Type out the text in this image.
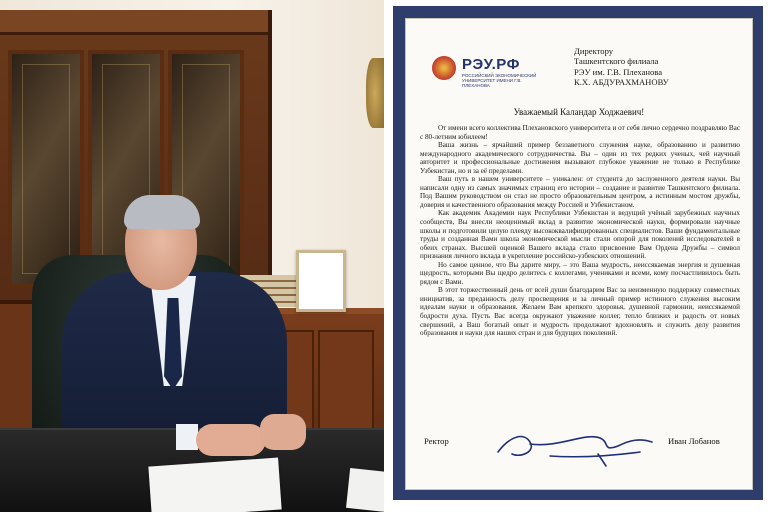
РЭУ.РФ
РОССИЙСКИЙ ЭКОНОМИЧЕСКИЙ УНИВЕРСИТЕТ ИМЕНИ Г.В. ПЛЕХАНОВА
Директору
Ташкентского филиала
РЭУ им. Г.В. Плеханова
К.Х. АБДУРАХМАНОВУ
Уважаемый Каландар Ходжаевич!

От имени всего коллектива Плехановского университета и от себя лично сердечно поздравляю Вас с 80-летним юбилеем!

Ваша жизнь – ярчайший пример беззаветного служения науке, образованию и развитию международного академического сотрудничества. Вы – один из тех редких ученых, чей научный авторитет и профессиональные достижения вызывают глубокое уважение не только в Республике Узбекистан, но и за её пределами.

Ваш путь в нашем университете – уникален: от студента до заслуженного деятеля науки. Вы написали одну из самых значимых страниц его истории – создание и развитие Ташкентского филиала. Под Вашим руководством он стал не просто образовательным центром, а истинным мостом дружбы, доверия и качественного образования между Россией и Узбекистаном.

Как академик Академии наук Республики Узбекистан и ведущий учёный зарубежных научных сообществ, Вы внесли неоценимый вклад в развитие экономической науки, формировали научные школы и подготовили целую плеяду высококвалифицированных специалистов. Ваши фундаментальные труды и созданная Вами школа экономической мысли стали опорой для поколений исследователей в обеих странах. Высшей оценкой Вашего вклада стало присвоение Вам Ордена Дружбы – символ признания личного вклада в укрепление российско-узбекских отношений.

Но самое ценное, что Вы дарите миру, – это Ваша мудрость, неиссякаемая энергия и душевная щедрость, которыми Вы щедро делитесь с коллегами, учениками и всеми, кому посчастливилось быть рядом с Вами.

В этот торжественный день от всей души благодарим Вас за неизменную поддержку совместных инициатив, за преданность делу просвещения и за личный пример истинного служения высоким идеалам науки и образования. Желаем Вам крепкого здоровья, душевной гармонии, неиссякаемой бодрости духа. Пусть Вас всегда окружают уважение коллег, тепло близких и радость от новых свершений, а Ваш богатый опыт и мудрость продолжают вдохновлять и служить делу развития образования и науки для наших стран и для будущих поколений.

Ректор	Иван Лобанов
